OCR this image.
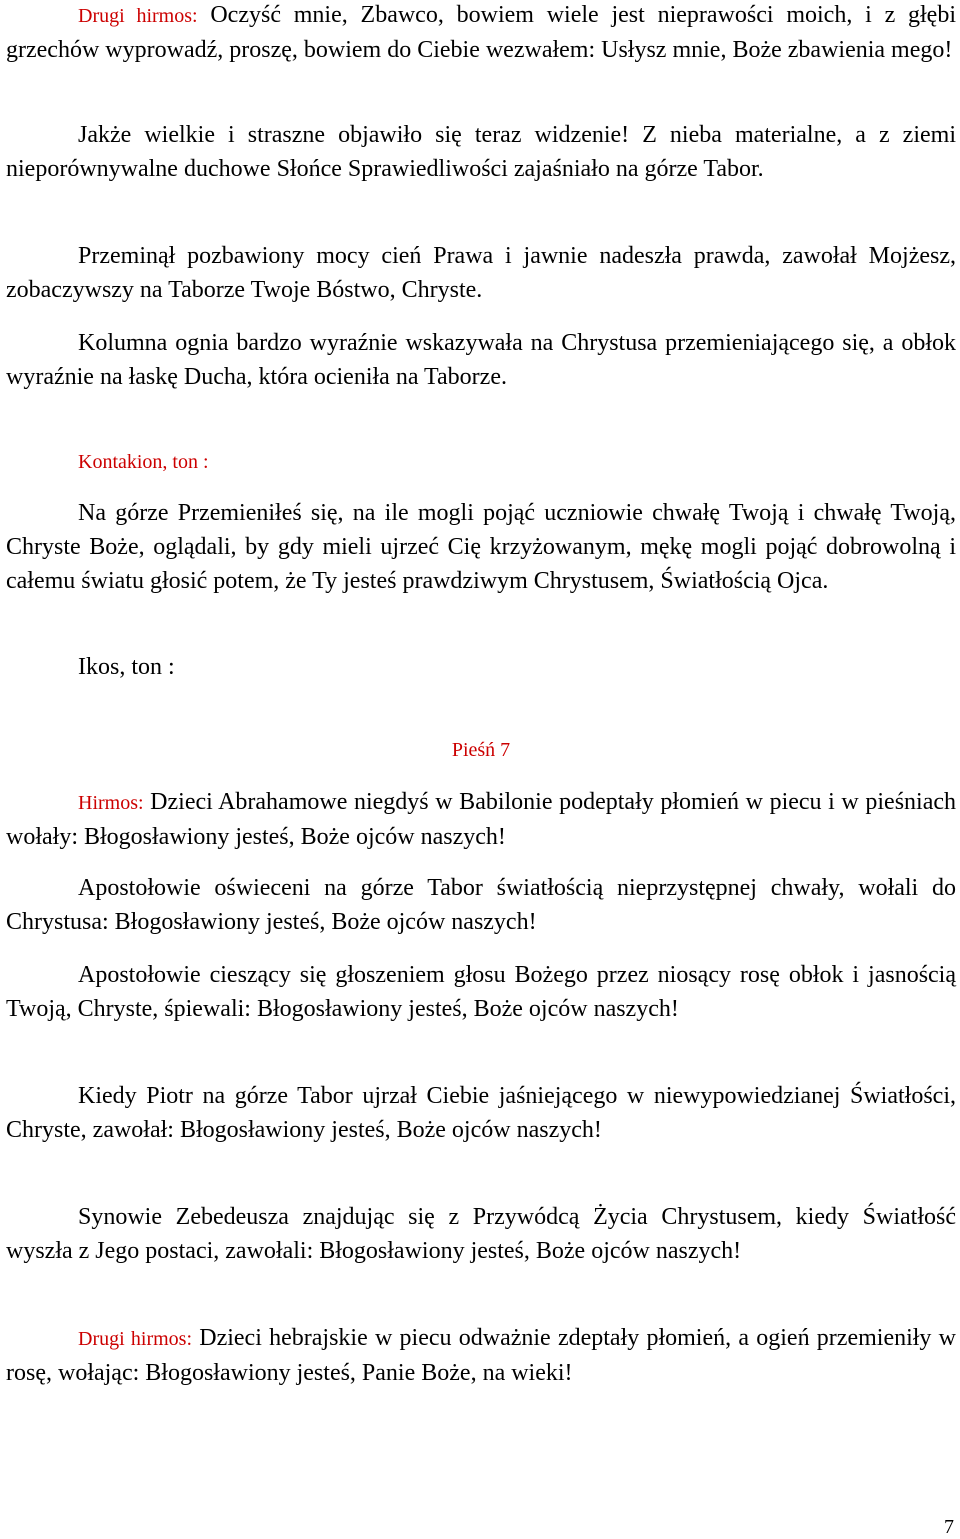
Drugi hirmos: Oczyść mnie, Zbawco, bowiem wiele jest nieprawości moich, i z głębi grzechów wyprowadź, proszę, bowiem do Ciebie wezwałem: Usłysz mnie, Boże zbawienia mego!

Jakże wielkie i straszne objawiło się teraz widzenie! Z nieba materialne, a z ziemi nieporównywalne duchowe Słońce Sprawiedliwości zajaśniało na górze Tabor.

Przeminął pozbawiony mocy cień Prawa i jawnie nadeszła prawda, zawołał Mojżesz, zobaczywszy na Taborze Twoje Bóstwo, Chryste.

Kolumna ognia bardzo wyraźnie wskazywała na Chrystusa przemieniającego się, a obłok wyraźnie na łaskę Ducha, która ocieniła na Taborze.

Kontakion, ton :

Na górze Przemieniłeś się, na ile mogli pojąć uczniowie chwałę Twoją i chwałę Twoją, Chryste Boże, oglądali, by gdy mieli ujrzeć Cię krzyżowanym, mękę mogli pojąć dobrowolną i całemu światu głosić potem, że Ty jesteś prawdziwym Chrystusem, Światłością Ojca.

Ikos, ton :

Pieśń 7

Hirmos: Dzieci Abrahamowe niegdyś w Babilonie podeptały płomień w piecu i w pieśniach wołały: Błogosławiony jesteś, Boże ojców naszych!

Apostołowie oświeceni na górze Tabor światłością nieprzystępnej chwały, wołali do Chrystusa: Błogosławiony jesteś, Boże ojców naszych!

Apostołowie cieszący się głoszeniem głosu Bożego przez niosący rosę obłok i jasnością Twoją, Chryste, śpiewali: Błogosławiony jesteś, Boże ojców naszych!

Kiedy Piotr na górze Tabor ujrzał Ciebie jaśniejącego w niewypowiedzianej Światłości, Chryste, zawołał: Błogosławiony jesteś, Boże ojców naszych!

Synowie Zebedeusza znajdując się z Przywódcą Życia Chrystusem, kiedy Światłość wyszła z Jego postaci, zawołali: Błogosławiony jesteś, Boże ojców naszych!

Drugi hirmos: Dzieci hebrajskie w piecu odważnie zdeptały płomień, a ogień przemieniły w rosę, wołając: Błogosławiony jesteś, Panie Boże, na wieki!

7
